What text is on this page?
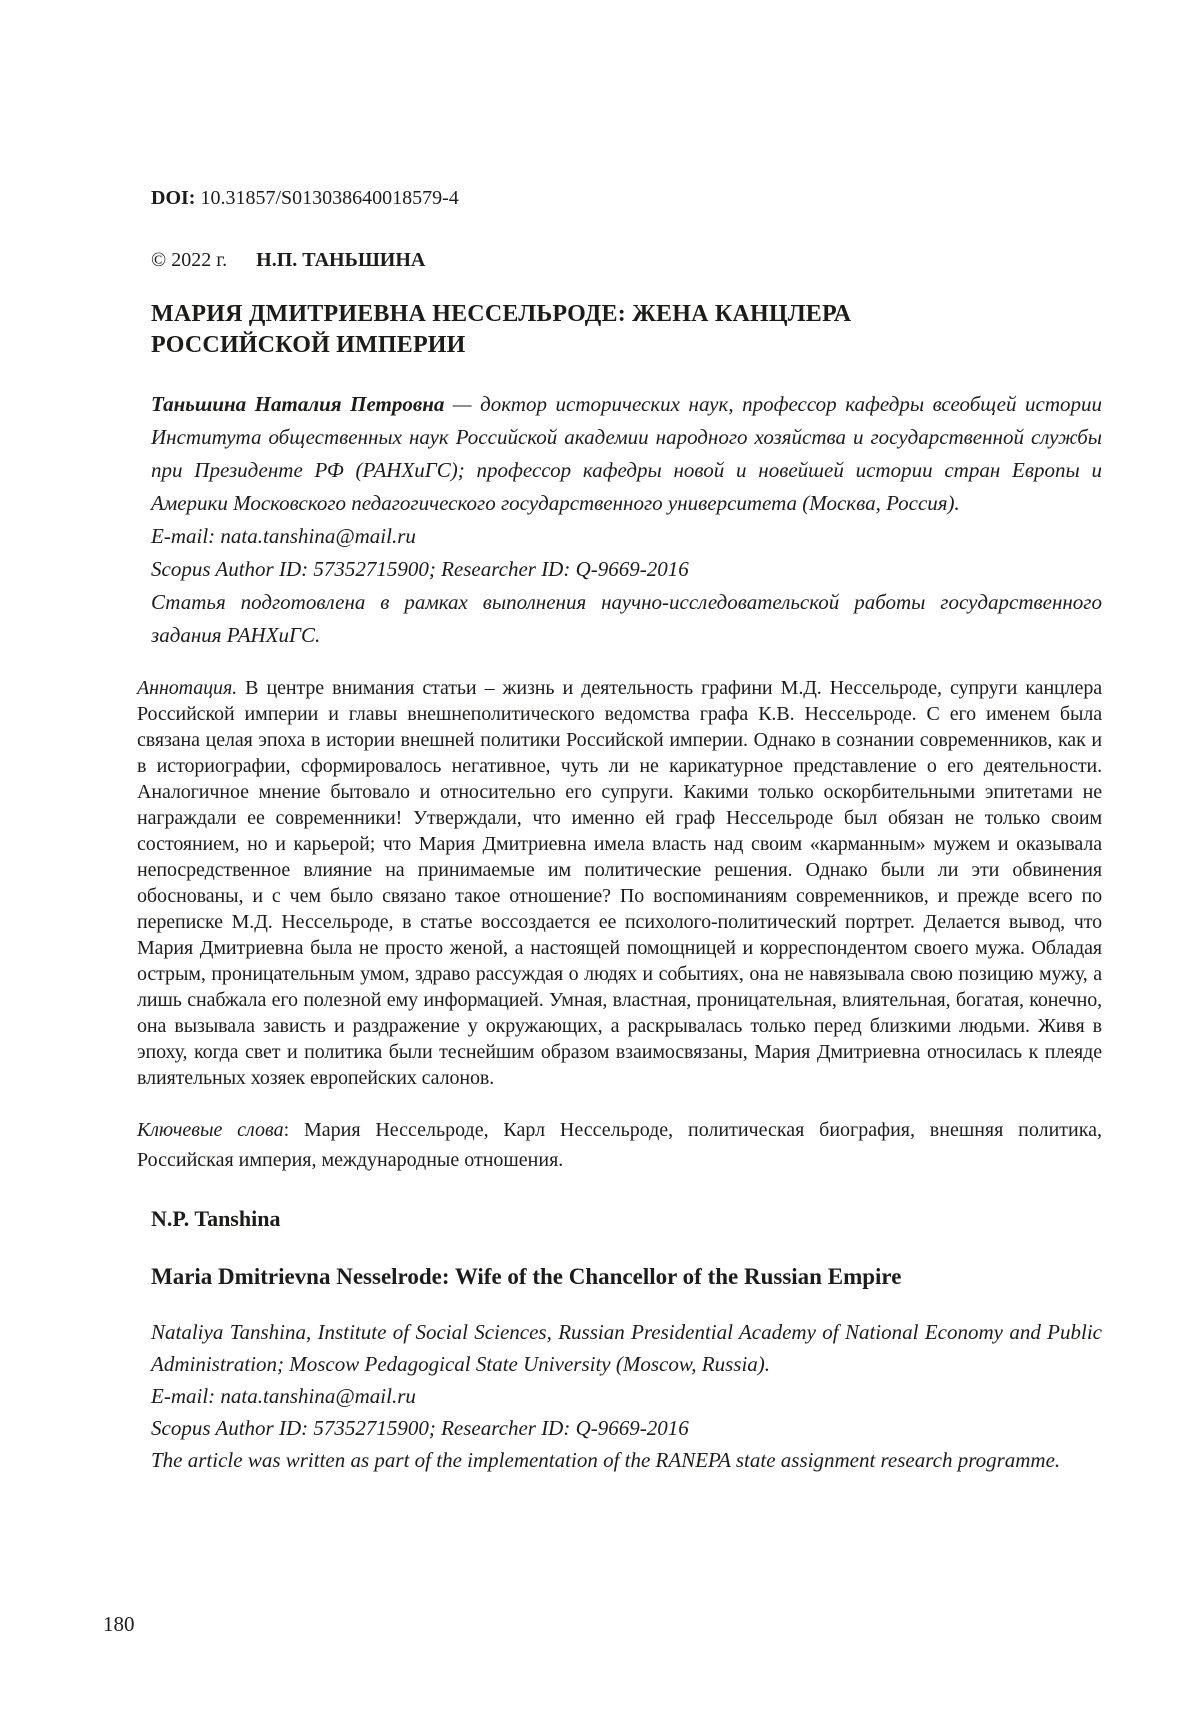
DOI: 10.31857/S013038640018579-4
© 2022 г. Н.П. ТАНЬШИНА
МАРИЯ ДМИТРИЕВНА НЕССЕЛЬРОДЕ: ЖЕНА КАНЦЛЕРА РОССИЙСКОЙ ИМПЕРИИ
Таньшина Наталия Петровна — доктор исторических наук, профессор кафедры всеобщей истории Института общественных наук Российской академии народного хозяйства и государственной службы при Президенте РФ (РАНХиГС); профессор кафедры новой и новейшей истории стран Европы и Америки Московского педагогического государственного университета (Москва, Россия).
E-mail: nata.tanshina@mail.ru
Scopus Author ID: 57352715900; Researcher ID: Q-9669-2016
Статья подготовлена в рамках выполнения научно-исследовательской работы государственного задания РАНХиГС.
Аннотация. В центре внимания статьи – жизнь и деятельность графини М.Д. Нессельроде, супруги канцлера Российской империи и главы внешнеполитического ведомства графа К.В. Нессельроде. С его именем была связана целая эпоха в истории внешней политики Российской империи. Однако в сознании современников, как и в историографии, сформировалось негативное, чуть ли не карикатурное представление о его деятельности. Аналогичное мнение бытовало и относительно его супруги. Какими только оскорбительными эпитетами не награждали ее современники! Утверждали, что именно ей граф Нессельроде был обязан не только своим состоянием, но и карьерой; что Мария Дмитриевна имела власть над своим «карманным» мужем и оказывала непосредственное влияние на принимаемые им политические решения. Однако были ли эти обвинения обоснованы, и с чем было связано такое отношение? По воспоминаниям современников, и прежде всего по переписке М.Д. Нессельроде, в статье воссоздается ее психолого-политический портрет. Делается вывод, что Мария Дмитриевна была не просто женой, а настоящей помощницей и корреспондентом своего мужа. Обладая острым, проницательным умом, здраво рассуждая о людях и событиях, она не навязывала свою позицию мужу, а лишь снабжала его полезной ему информацией. Умная, властная, проницательная, влиятельная, богатая, конечно, она вызывала зависть и раздражение у окружающих, а раскрывалась только перед близкими людьми. Живя в эпоху, когда свет и политика были теснейшим образом взаимосвязаны, Мария Дмитриевна относилась к плеяде влиятельных хозяек европейских салонов.
Ключевые слова: Мария Нессельроде, Карл Нессельроде, политическая биография, внешняя политика, Российская империя, международные отношения.
N.P. Tanshina
Maria Dmitrievna Nesselrode: Wife of the Chancellor of the Russian Empire
Nataliya Tanshina, Institute of Social Sciences, Russian Presidential Academy of National Economy and Public Administration; Moscow Pedagogical State University (Moscow, Russia).
E-mail: nata.tanshina@mail.ru
Scopus Author ID: 57352715900; Researcher ID: Q-9669-2016
The article was written as part of the implementation of the RANEPA state assignment research programme.
180
